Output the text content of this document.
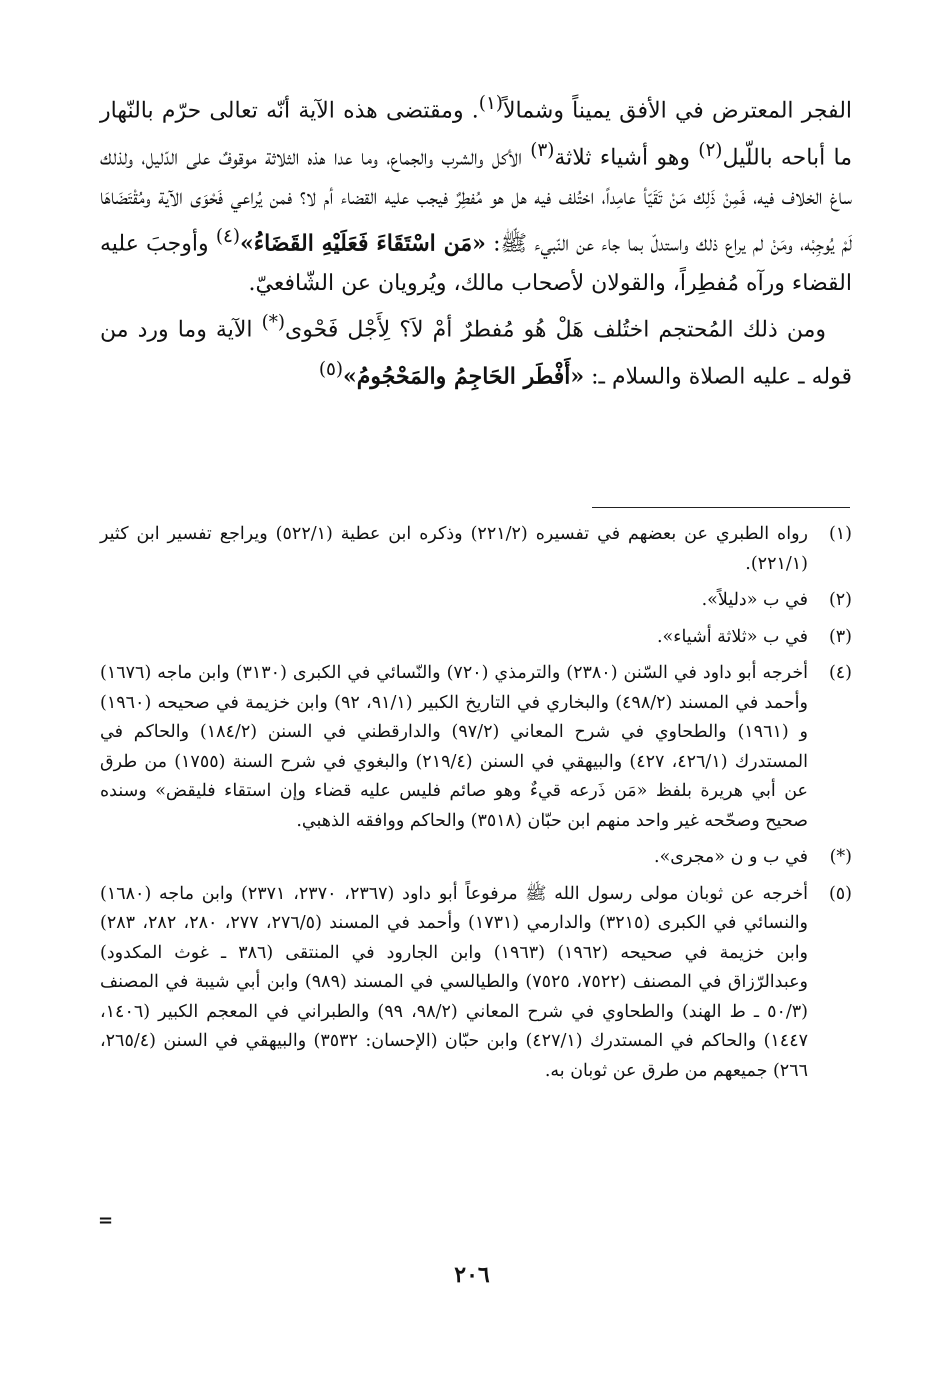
الفجر المعترض في الأفق يميناً وشمالاً$^{(١)}$. ومقتضى هذه الآية أنّه تعالى حرّم بالنّهار ما أباحه باللّيل$^{(٢)}$ وهو أشياء ثلاثة$^{(٣)}$ الأكل والشرب والجماع، وما عدا هذه الثلاثة موقوفٌ على الدّليل، ولذلك ساغ الخلاف فيه، فَمِنْ ذَلِك مَنْ تَقَيّأ عامِداً، اختُلف فيه هل هو مُفطِرٌ فيجب عليه القضاء أم لا؟ فمن يُراعي فَحْوَى الآية ومُقْتَضَاهَا لَمْ يُوجِبْه، ومَنْ لم يراع ذلك واستدلّ بما جاء عن النّبيء ﷺ: «مَن اسْتَقَاءَ فَعَلَيْهِ القَضَاءُ»$^{(٤)}$ وأوجبَ عليه القضاء ورآه مُفطِراً، والقولان لأصحاب مالك، ويُرويان عن الشّافعيّ.

ومن ذلك المُحتجم اختُلف هَلْ هُو مُفطرٌ أمْ لاَ؟ لِأَجْل فَحْوى(*) الآية وما ورد من قوله ـ عليه الصلاة والسلام ـ: «أَفْطَر الحَاجِمُ والمَحْجُومُ»$^{(٥)}$

(١)
رواه الطبري عن بعضهم في تفسيره (٢٢١/٢) وذكره ابن عطية (٥٢٢/١) ويراجع تفسير ابن كثير (٢٢١/١).
(٢)
في ب «دليلاً».
(٣)
في ب «ثلاثة أشياء».
(٤)
أخرجه أبو داود في السّنن (٢٣٨٠) والترمذي (٧٢٠) والنّسائي في الكبرى (٣١٣٠) وابن ماجه (١٦٧٦) وأحمد في المسند (٤٩٨/٢) والبخاري في التاريخ الكبير (٩١/١، ٩٢) وابن خزيمة في صحيحه (١٩٦٠) و (١٩٦١) والطحاوي في شرح المعاني (٩٧/٢) والدارقطني في السنن (١٨٤/٢) والحاكم في المستدرك (٤٢٦/١، ٤٢٧) والبيهقي في السنن (٢١٩/٤) والبغوي في شرح السنة (١٧٥٥) من طرق عن أبي هريرة بلفظ «مَن ذَرعه قيءٌ وهو صائم فليس عليه قضاء وإن استقاء فليقض» وسنده صحيح وصحّحه غير واحد منهم ابن حبّان (٣٥١٨) والحاكم ووافقه الذهبي.
(*)
في ب و ن «مجرى».
(٥)
أخرجه عن ثوبان مولى رسول الله ﷺ مرفوعاً أبو داود (٢٣٦٧، ٢٣٧٠، ٢٣٧١) وابن ماجه (١٦٨٠) والنسائي في الكبرى (٣٢١٥) والدارمي (١٧٣١) وأحمد في المسند (٢٧٦/٥، ٢٧٧، ٢٨٠، ٢٨٢، ٢٨٣) وابن خزيمة في صحيحه (١٩٦٢) (١٩٦٣) وابن الجارود في المنتقى (٣٨٦ ـ غوث المكدود) وعبدالرّزاق في المصنف (٧٥٢٢، ٧٥٢٥) والطيالسي في المسند (٩٨٩) وابن أبي شيبة في المصنف (٥٠/٣ ـ ط الهند) والطحاوي في شرح المعاني (٩٨/٢، ٩٩) والطبراني في المعجم الكبير (١٤٠٦، ١٤٤٧) والحاكم في المستدرك (٤٢٧/١) وابن حبّان (الإحسان: ٣٥٣٢) والبيهقي في السنن (٢٦٥/٤، ٢٦٦) جميعهم من طرق عن ثوبان به.
=
٢٠٦
